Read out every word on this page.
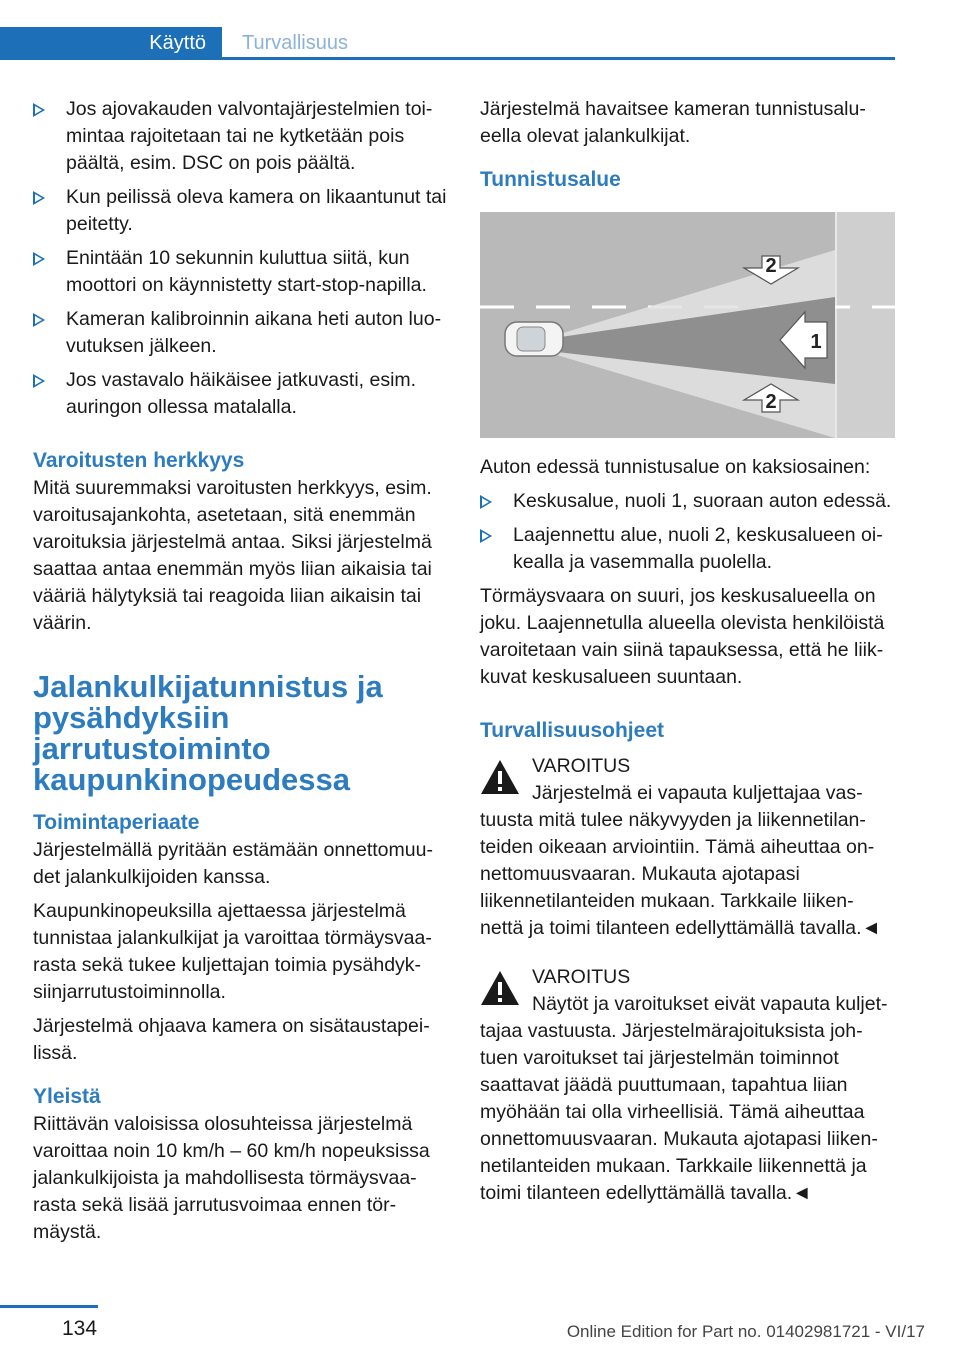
Käyttö	Turvallisuus
Jos ajovakauden valvontajärjestelmien toi-mintaa rajoitetaan tai ne kytketään pois päältä, esim. DSC on pois päältä.
Kun peilissä oleva kamera on likaantunut tai peitetty.
Enintään 10 sekunnin kuluttua siitä, kun moottori on käynnistetty start-stop-napilla.
Kameran kalibroinnin aikana heti auton luo-vutuksen jälkeen.
Jos vastavalo häikäisee jatkuvasti, esim. auringon ollessa matalalla.
Varoitusten herkkyys

Mitä suuremmaksi varoitusten herkkyys, esim. varoitusajankohta, asetetaan, sitä enemmän varoituksia järjestelmä antaa. Siksi järjestelmä saattaa antaa enemmän myös liian aikaisia tai vääriä hälytyksiä tai reagoida liian aikaisin tai väärin.

Jalankulkijatunnistus ja pysähdyksiin jarrutustoiminto kaupunkinopeudessa
Toimintaperiaate

Järjestelmällä pyritään estämään onnettomuu-det jalankulkijoiden kanssa.

Kaupunkinopeuksilla ajettaessa järjestelmä tunnistaa jalankulkijat ja varoittaa törmäysvaa-rasta sekä tukee kuljettajan toimia pysähdyk-siinjarrutustoiminnolla.

Järjestelmä ohjaava kamera on sisätaustapei-lissä.

Yleistä

Riittävän valoisissa olosuhteissa järjestelmä varoittaa noin 10 km/h – 60 km/h nopeuksissa jalankulkijoista ja mahdollisesta törmäysvaa-rasta sekä lisää jarrutusvoimaa ennen tör-mäystä.

Järjestelmä havaitsee kameran tunnistusalu-eella olevat jalankulkijat.

Tunnistusalue
2
1
2

Auton edessä tunnistusalue on kaksiosainen:

Keskusalue, nuoli 1, suoraan auton edessä.
Laajennettu alue, nuoli 2, keskusalueen oi-kealla ja vasemmalla puolella.

Törmäysvaara on suuri, jos keskusalueella on joku. Laajennetulla alueella olevista henkilöistä varoitetaan vain siinä tapauksessa, että he liik-kuvat keskusalueen suuntaan.

Turvallisuusohjeet
VAROITUS
Järjestelmä ei vapauta kuljettajaa vas-
tuusta mitä tulee näkyvyyden ja liikennetilan-teiden oikeaan arviointiin. Tämä aiheuttaa on-nettomuusvaaran. Mukauta ajotapasi liikennetilanteiden mukaan. Tarkkaile liiken-nettä ja toimi tilanteen edellyttämällä tavalla.◄
VAROITUS
Näytöt ja varoitukset eivät vapauta kuljet-
tajaa vastuusta. Järjestelmärajoituksista joh-tuen varoitukset tai järjestelmän toiminnot saattavat jäädä puuttumaan, tapahtua liian myöhään tai olla virheellisiä. Tämä aiheuttaa onnettomuusvaaran. Mukauta ajotapasi liiken-netilanteiden mukaan. Tarkkaile liikennettä ja toimi tilanteen edellyttämällä tavalla.◄
134	Online Edition for Part no. 01402981721 - VI/17
